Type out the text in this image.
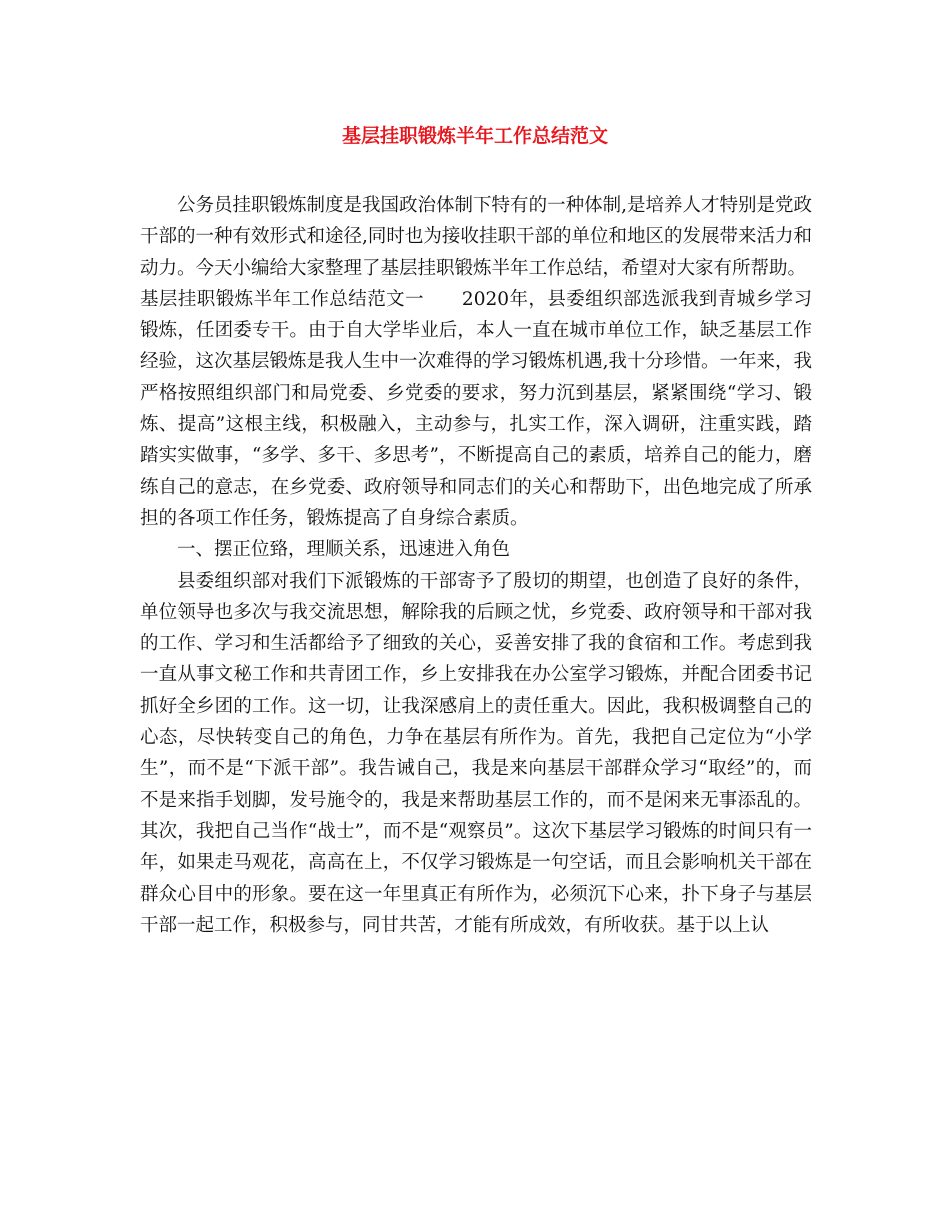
基层挂职锻炼半年工作总结范文

公务员挂职锻炼制度是我国政治体制下特有的一种体制,是培养人才特别是党政干部的一种有效形式和途径,同时也为接收挂职干部的单位和地区的发展带来活力和动力。今天小编给大家整理了基层挂职锻炼半年工作总结，希望对大家有所帮助。

基层挂职锻炼半年工作总结范文一　　2020年，县委组织部选派我到青城乡学习锻炼，任团委专干。由于自大学毕业后，本人一直在城市单位工作，缺乏基层工作经验，这次基层锻炼是我人生中一次难得的学习锻炼机遇,我十分珍惜。一年来，我严格按照组织部门和局党委、乡党委的要求，努力沉到基层，紧紧围绕“学习、锻炼、提高”这根主线，积极融入，主动参与，扎实工作，深入调研，注重实践，踏踏实实做事，“多学、多干、多思考”，不断提高自己的素质，培养自己的能力，磨练自己的意志，在乡党委、政府领导和同志们的关心和帮助下，出色地完成了所承担的各项工作任务，锻炼提高了自身综合素质。

一、摆正位臵，理顺关系，迅速进入角色

县委组织部对我们下派锻炼的干部寄予了殷切的期望，也创造了良好的条件，单位领导也多次与我交流思想，解除我的后顾之忧，乡党委、政府领导和干部对我的工作、学习和生活都给予了细致的关心，妥善安排了我的食宿和工作。考虑到我一直从事文秘工作和共青团工作，乡上安排我在办公室学习锻炼，并配合团委书记抓好全乡团的工作。这一切，让我深感肩上的责任重大。因此，我积极调整自己的心态，尽快转变自己的角色，力争在基层有所作为。首先，我把自己定位为“小学生”，而不是“下派干部”。我告诫自己，我是来向基层干部群众学习“取经”的，而不是来指手划脚，发号施令的，我是来帮助基层工作的，而不是闲来无事添乱的。其次，我把自己当作“战士”，而不是“观察员”。这次下基层学习锻炼的时间只有一年，如果走马观花，高高在上，不仅学习锻炼是一句空话，而且会影响机关干部在群众心目中的形象。要在这一年里真正有所作为，必须沉下心来，扑下身子与基层干部一起工作，积极参与，同甘共苦，才能有所成效，有所收获。基于以上认
